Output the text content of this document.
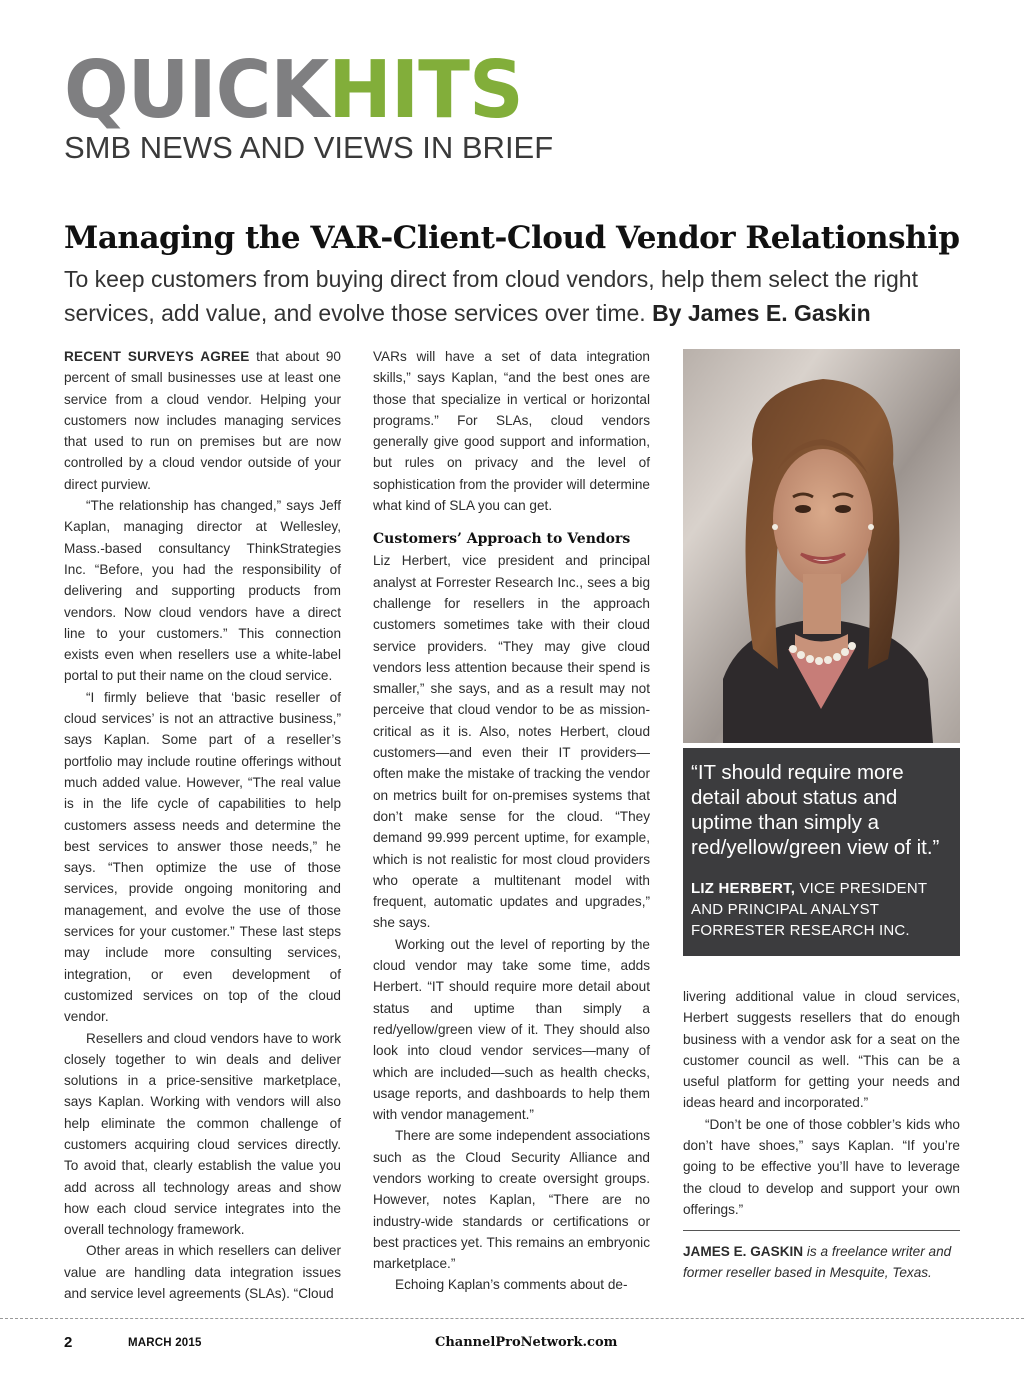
QUICKHITS
SMB NEWS AND VIEWS IN BRIEF
Managing the VAR-Client-Cloud Vendor Relationship
To keep customers from buying direct from cloud vendors, help them select the right services, add value, and evolve those services over time. By James E. Gaskin

RECENT SURVEYS AGREE that about 90 percent of small businesses use at least one service from a cloud vendor. Helping your customers now includes managing services that used to run on premises but are now controlled by a cloud vendor outside of your direct purview.

“The relationship has changed,” says Jeff Kaplan, managing director at Wellesley, Mass.-based consultancy ThinkStrategies Inc. “Before, you had the responsibility of delivering and supporting products from vendors. Now cloud vendors have a direct line to your customers.” This connection exists even when resellers use a white-label portal to put their name on the cloud service.

“I firmly believe that ‘basic reseller of cloud services’ is not an attractive business,” says Kaplan. Some part of a reseller’s portfolio may include routine offerings without much added value. However, “The real value is in the life cycle of capabilities to help customers assess needs and determine the best services to answer those needs,” he says. “Then optimize the use of those services, provide ongoing monitoring and management, and evolve the use of those services for your customer.” These last steps may include more consulting services, integration, or even development of customized services on top of the cloud vendor.

Resellers and cloud vendors have to work closely together to win deals and deliver solutions in a price-sensitive marketplace, says Kaplan. Working with vendors will also help eliminate the common challenge of customers acquiring cloud services directly. To avoid that, clearly establish the value you add across all technology areas and show how each cloud service integrates into the overall technology framework.

Other areas in which resellers can deliver value are handling data integration issues and service level agreements (SLAs). “Cloud

VARs will have a set of data integration skills,” says Kaplan, “and the best ones are those that specialize in vertical or horizontal programs.” For SLAs, cloud vendors generally give good support and information, but rules on privacy and the level of sophistication from the provider will determine what kind of SLA you can get.

Customers’ Approach to Vendors

Liz Herbert, vice president and principal analyst at Forrester Research Inc., sees a big challenge for resellers in the approach customers sometimes take with their cloud service providers. “They may give cloud vendors less attention because their spend is smaller,” she says, and as a result may not perceive that cloud vendor to be as mission-critical as it is. Also, notes Herbert, cloud customers—and even their IT providers—often make the mistake of tracking the vendor on metrics built for on-premises systems that don’t make sense for the cloud. “They demand 99.999 percent uptime, for example, which is not realistic for most cloud providers who operate a multitenant model with frequent, automatic updates and upgrades,” she says.

Working out the level of reporting by the cloud vendor may take some time, adds Herbert. “IT should require more detail about status and uptime than simply a red/yellow/green view of it. They should also look into cloud vendor services—many of which are included—such as health checks, usage reports, and dashboards to help them with vendor management.”

There are some independent associations such as the Cloud Security Alliance and vendors working to create oversight groups. However, notes Kaplan, “There are no industry-wide standards or certifications or best practices yet. This remains an embryonic marketplace.”

Echoing Kaplan’s comments about de-

“IT should require more detail about status and uptime than simply a red/yellow/green view of it.”

LIZ HERBERT, VICE PRESIDENT AND PRINCIPAL ANALYST FORRESTER RESEARCH INC.

livering additional value in cloud services, Herbert suggests resellers that do enough business with a vendor ask for a seat on the customer council as well. “This can be a useful platform for getting your needs and ideas heard and incorporated.”

“Don’t be one of those cobbler’s kids who don’t have shoes,” says Kaplan. “If you’re going to be effective you’ll have to leverage the cloud to develop and support your own offerings.”

JAMES E. GASKIN is a freelance writer and former reseller based in Mesquite, Texas.
2	MARCH 2015	ChannelProNetwork.com
